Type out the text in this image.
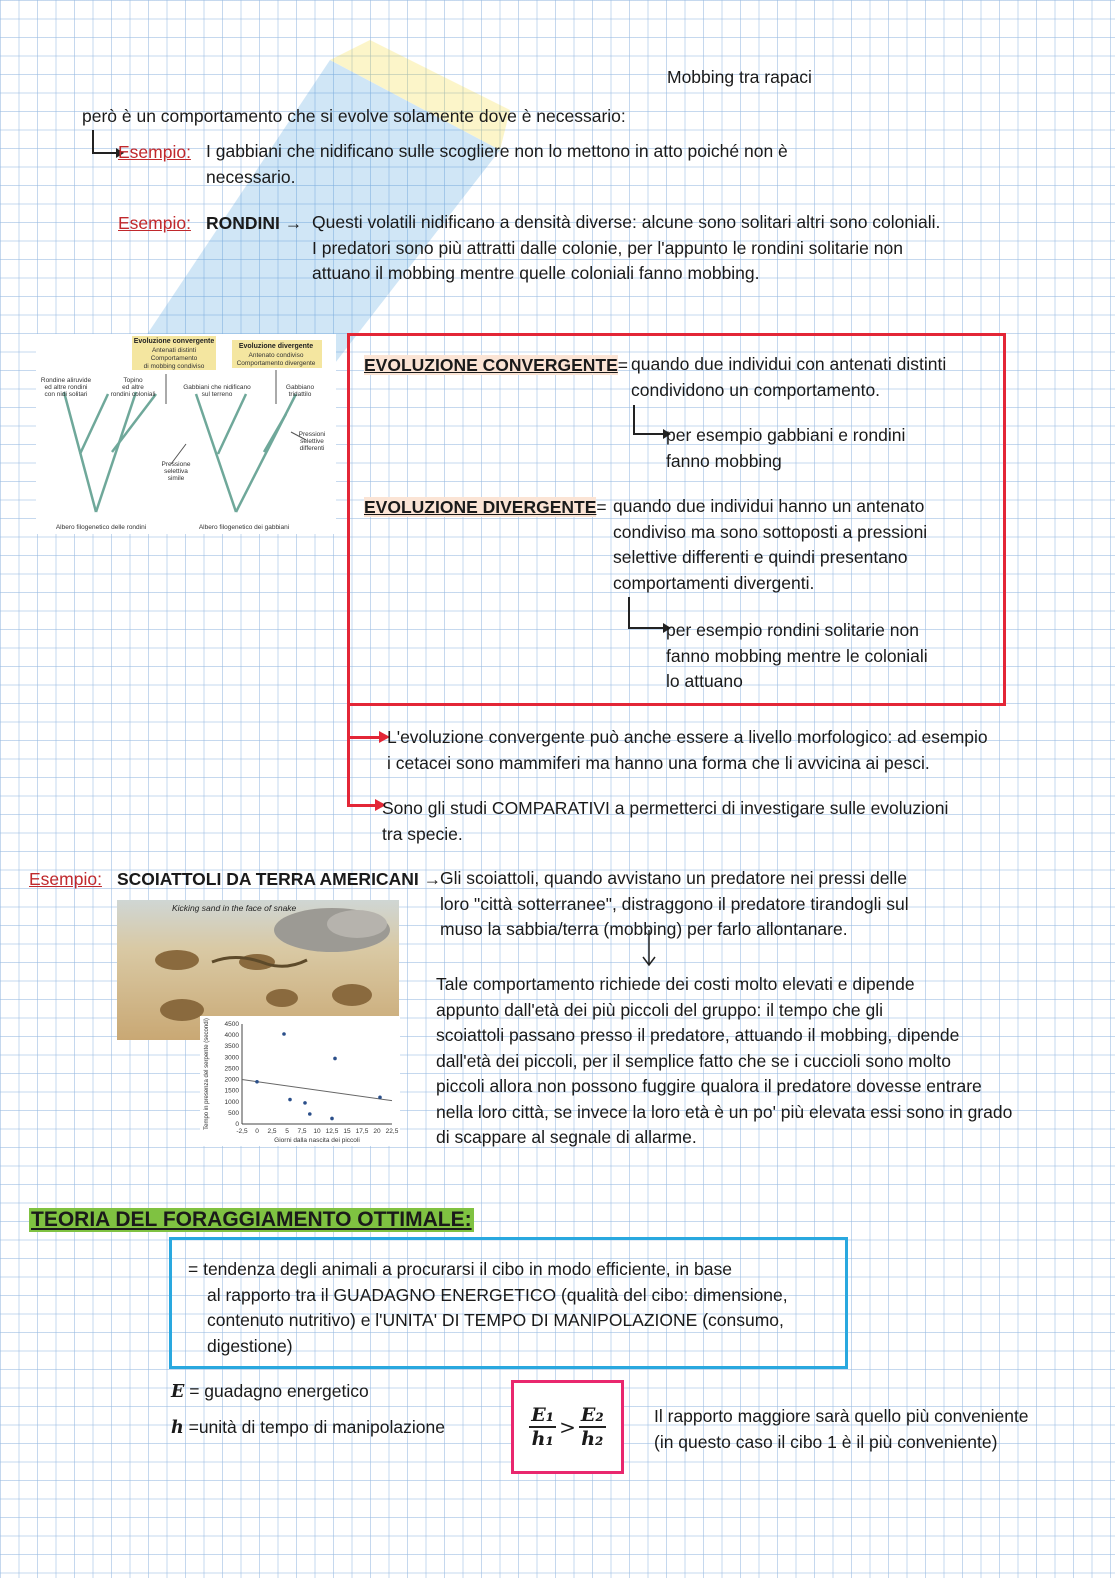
Mobbing tra rapaci
però è un comportamento che si evolve solamente dove è necessario:
Esempio: I gabbiani che nidificano sulle scogliere non lo mettono in atto poiché non è
necessario.
Esempio: RONDINI → Questi volatili nidificano a densità diverse: alcune sono solitari altri sono coloniali.
I predatori sono più attratti dalle colonie, per l'appunto le rondini solitarie non
attuano il mobbing mentre quelle coloniali fanno mobbing.
Evoluzione convergente
Antenati distinti
Comportamento
di mobbing condiviso
Evoluzione divergente
Antenato condiviso
Comportamento divergente
Rondine aliruvide
ed altre rondini
con nidi solitari
Topino
ed altre
rondini coloniali
Gabbiani che nidificano
sul terreno
Gabbiano
tridattilo
Pressione
selettiva
simile
Pressioni
selettive
differenti
Albero filogenetico delle rondini	Albero filogenetico dei gabbiani
EVOLUZIONE CONVERGENTE= quando due individui con antenati distinti
condividono un comportamento.
per esempio gabbiani e rondini
fanno mobbing
EVOLUZIONE DIVERGENTE= quando due individui hanno un antenato
condiviso ma sono sottoposti a pressioni
selettive differenti e quindi presentano
comportamenti divergenti.
per esempio rondini solitarie non
fanno mobbing mentre le coloniali
lo attuano
L'evoluzione convergente può anche essere a livello morfologico: ad esempio
i cetacei sono mammiferi ma hanno una forma che li avvicina ai pesci.
Sono gli studi COMPARATIVI a permetterci di investigare sulle evoluzioni
tra specie.
Esempio: SCOIATTOLI DA TERRA AMERICANI →
Gli scoiattoli, quando avvistano un predatore nei pressi delle
loro "città sotterranee", distraggono il predatore tirandogli sul
muso la sabbia/terra (mobbing) per farlo allontanare.
Tale comportamento richiede dei costi molto elevati e dipende
appunto dall'età dei più piccoli del gruppo: il tempo che gli
scoiattoli passano presso il predatore, attuando il mobbing, dipende
dall'età dei piccoli, per il semplice fatto che se i cuccioli sono molto
piccoli allora non possono fuggire qualora il predatore dovesse entrare
nella loro città, se invece la loro età è un po' più elevata essi sono in grado
di scappare al segnale di allarme.
Kicking sand in the face of snake
-2,5 0 2,5 5 7,5 10 12,5 15 17,5 20 22,5
0
500
1000
1500
2000
2500
3000
3500
4000
4500
Giorni dalla nascita dei piccoli
Tempo in presenza del serpente (secondi)
TEORIA DEL FORAGGIAMENTO OTTIMALE:
= tendenza degli animali a procurarsi il cibo in modo efficiente, in base
al rapporto tra il GUADAGNO ENERGETICO (qualità del cibo: dimensione,
contenuto nutritivo) e l'UNITA' DI TEMPO DI MANIPOLAZIONE (consumo,
digestione)
E = guadagno energetico
h =unità di tempo di manipolazione	$\frac{\text{E₁}}{\text{h₁}} > \frac{\text{E₂}}{\text{h₂}}$	Il rapporto maggiore sarà quello più conveniente
(in questo caso il cibo 1 è il più conveniente)
